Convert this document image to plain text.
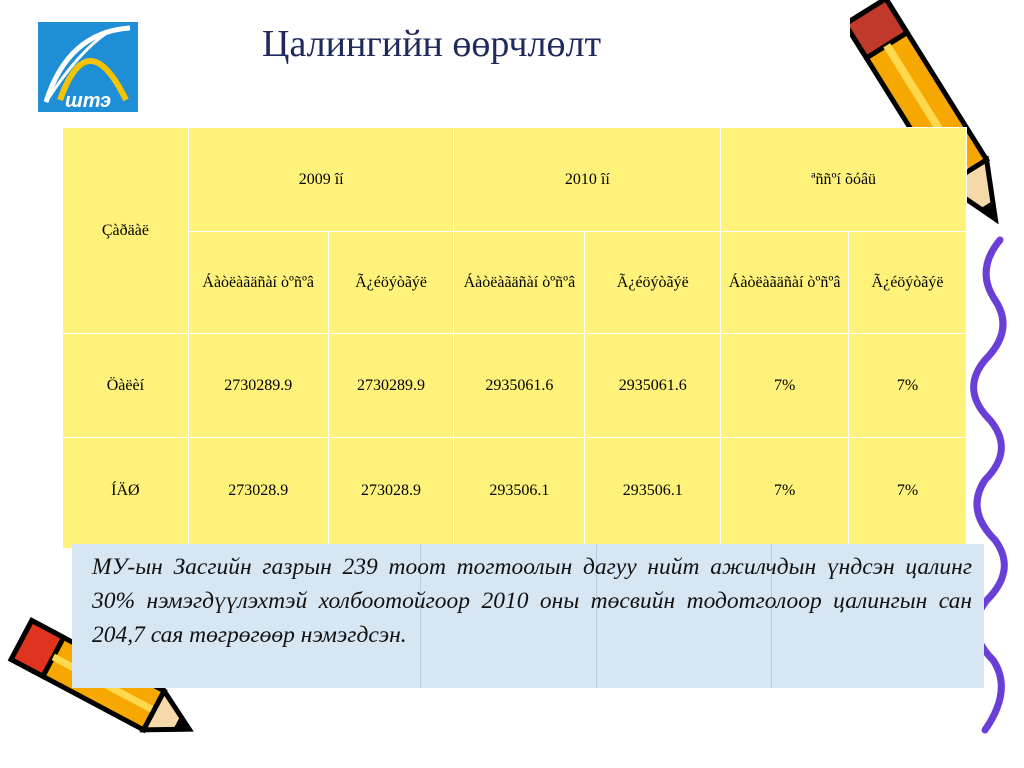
штэ
Цалингийн өөрчлөлт
Çàðäàë	2009 îí		2010 îí		ªññºí õóâü	
	Áàòëàãäñàí òºñºâ	Ã¿éöýòãýë	Áàòëàãäñàí òºñºâ	Ã¿éöýòãýë	Áàòëàãäñàí òºñºâ	Ã¿éöýòãýë
Öàëèí	2730289.9	2730289.9	2935061.6	2935061.6	7%	7%
ÍÄØ	273028.9	273028.9	293506.1	293506.1	7%	7%

МУ-ын Засгийн газрын 239 тоот тогтоолын дагуу нийт ажилчдын үндсэн цалинг 30% нэмэгдүүлэхтэй холбоотойгоор 2010 оны төсвийн тодотголоор цалингын сан 204,7 сая төгрөгөөр нэмэгдсэн.
